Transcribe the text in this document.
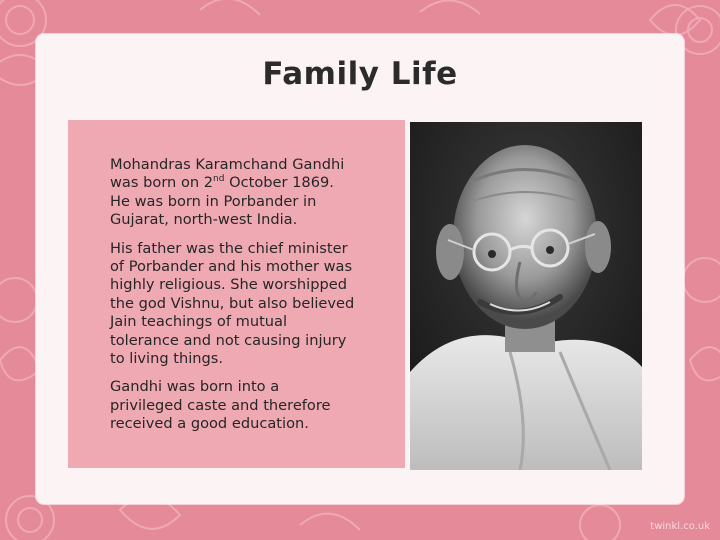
Family Life

Mohandras Karamchand Gandhi was born on 2nd October 1869. He was born in Porbander in Gujarat, north-west India.

His father was the chief minister of Porbander and his mother was highly religious. She worshipped the god Vishnu, but also believed Jain teachings of mutual tolerance and not causing injury to living things.

Gandhi was born into a privileged caste and therefore received a good education.

twinkl.co.uk
